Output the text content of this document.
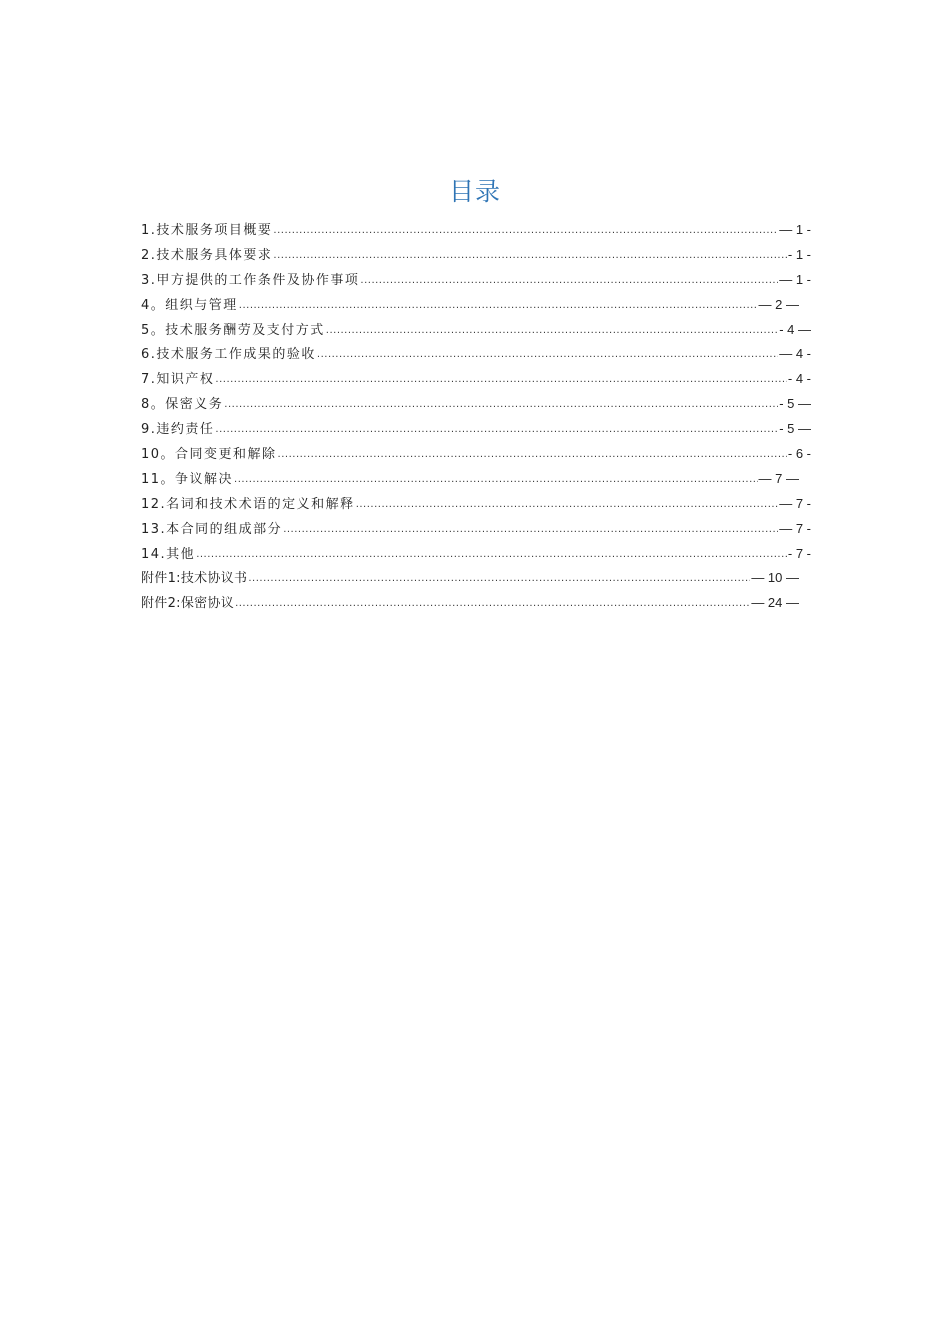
目录
1.技术服务项目概要 .....	— 1 -
2.技术服务具体要求 .....	- 1 -
3.甲方提供的工作条件及协作事项 .....	— 1 -
4。组织与管理 .....	— 2 —
5。技术服务酬劳及支付方式 .....	- 4 —
6.技术服务工作成果的验收 .....	— 4 -
7.知识产权 .....	- 4 -
8。保密义务 .....	- 5 —
9.违约责任 .....	- 5 —
10。合同变更和解除 .....	- 6 -
11。争议解决 .....	— 7 —
12.名词和技术术语的定义和解释 .....	— 7 -
13.本合同的组成部分 .....	— 7 -
14.其他 .....	- 7 -
附件1:技术协议书 .....	— 10 —
附件2:保密协议 .....	— 24 —
